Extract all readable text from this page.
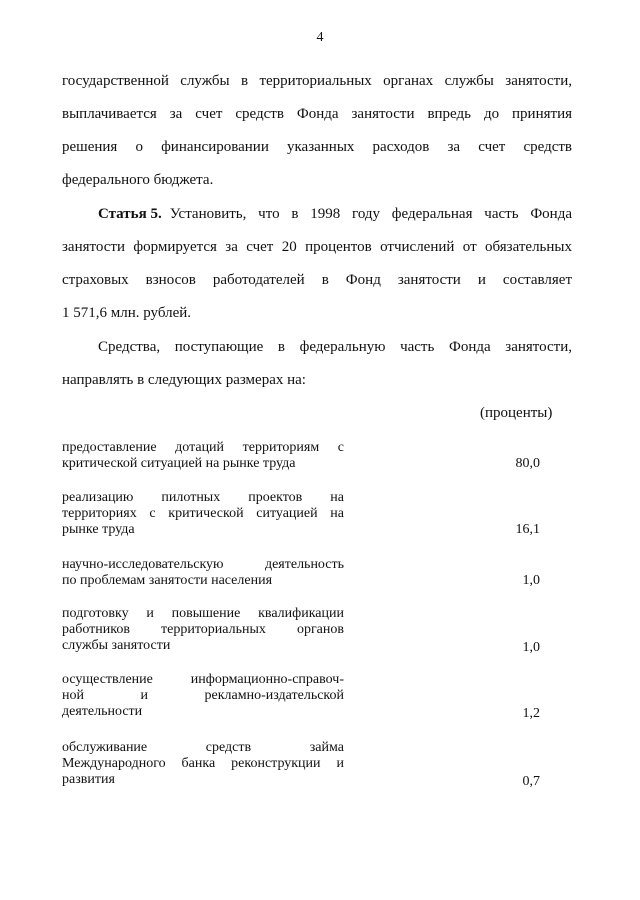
4
государственной службы в территориальных органах службы занятости,
выплачивается за счет средств Фонда занятости впредь до принятия
решения о финансировании указанных расходов за счет средств
федерального бюджета.
Статья 5. Установить, что в 1998 году федеральная часть Фонда
занятости формируется за счет 20 процентов отчислений от обязательных
страховых взносов работодателей в Фонд занятости и составляет
1 571,6 млн. рублей.
Средства, поступающие в федеральную часть Фонда занятости,
направлять в следующих размерах на:
(проценты)
предоставление дотаций территориям с
критической ситуацией на рынке труда	80,0
реализацию пилотных проектов на
территориях с критической ситуацией на
рынке труда	16,1
научно-исследовательскую деятельность
по проблемам занятости населения	1,0
подготовку и повышение квалификации
работников территориальных органов
службы занятости	1,0
осуществление информационно-справоч-
ной и рекламно-издательской
деятельности	1,2
обслуживание средств займа
Международного банка реконструкции и
развития	0,7
